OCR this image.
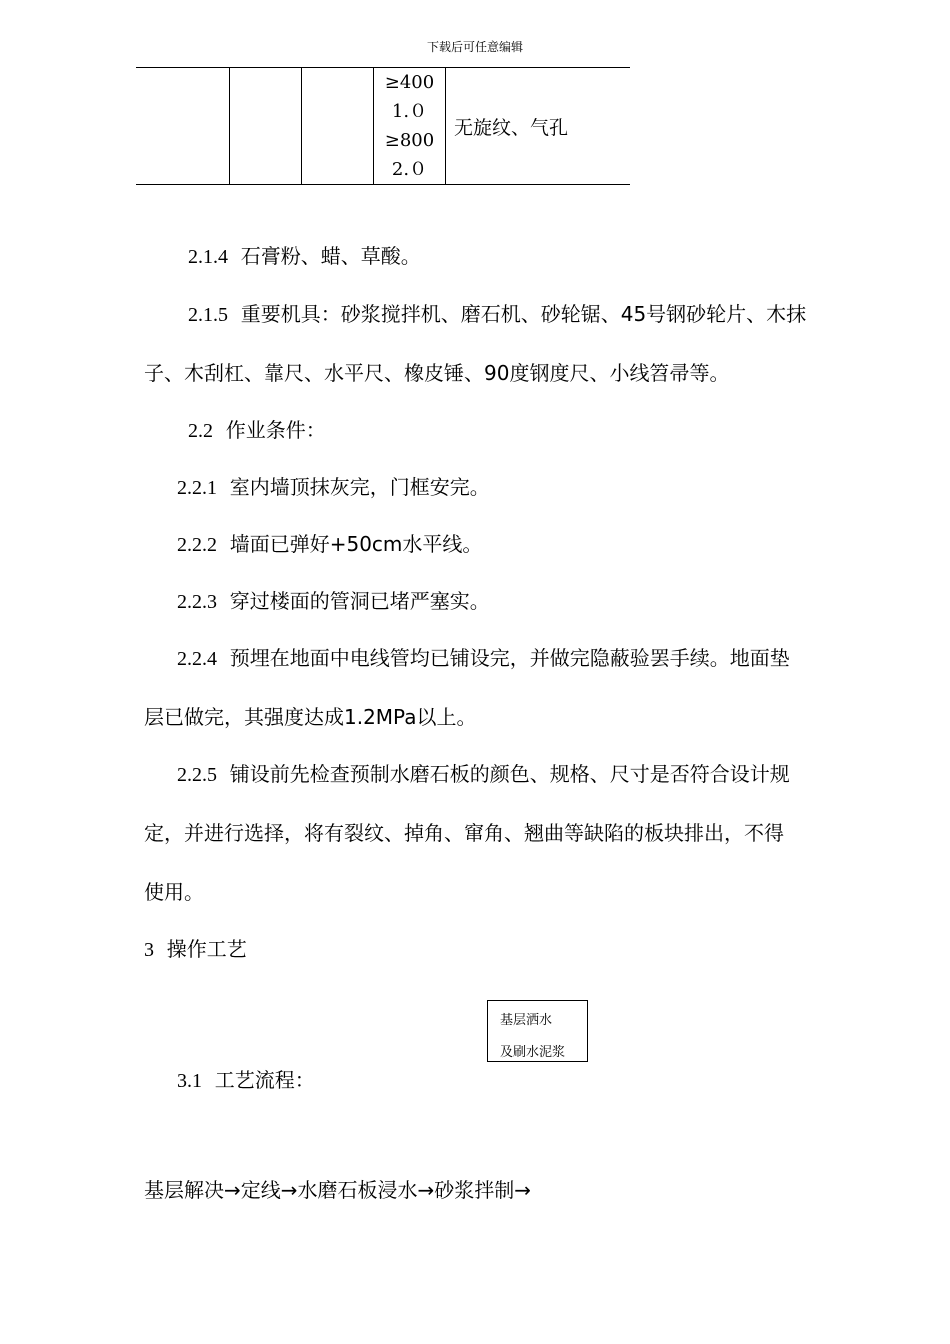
下载后可任意编辑

≥400
1.０
≥800
2.０
	无旋纹、气孔
2.1.4 石膏粉、蜡、草酸。
2.1.5 重要机具：砂浆搅拌机、磨石机、砂轮锯、45号钢砂轮片、木抹
子、木刮杠、靠尺、水平尺、橡皮锤、90度钢度尺、小线笤帚等。
2.2 作业条件：
2.2.1 室内墙顶抹灰完，门框安完。
2.2.2 墙面已弹好+50cm水平线。
2.2.3 穿过楼面的管洞已堵严塞实。
2.2.4 预埋在地面中电线管均已铺设完，并做完隐蔽验罢手续。地面垫
层已做完，其强度达成1.2MPa以上。
2.2.5 铺设前先检查预制水磨石板的颜色、规格、尺寸是否符合设计规
定，并进行选择，将有裂纹、掉角、窜角、翘曲等缺陷的板块排出，不得
使用。
3 操作工艺
基层洒水
及刷水泥浆
3.1 工艺流程：
基层解决→定线→水磨石板浸水→砂浆拌制→
